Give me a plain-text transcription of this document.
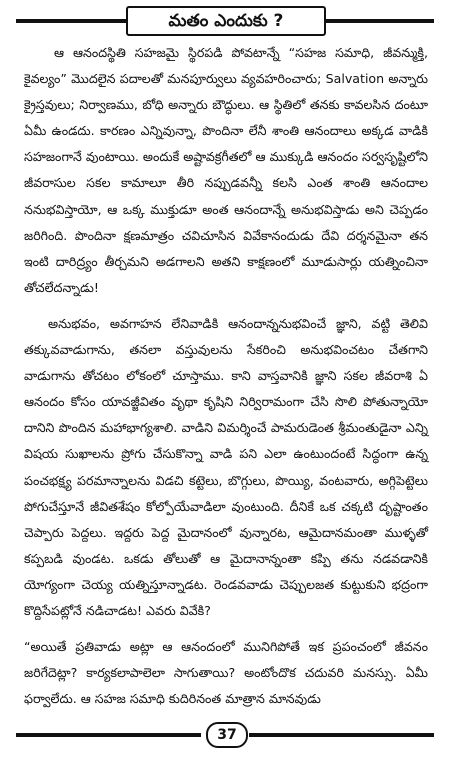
మతం ఎందుకు ?

ఆ ఆనందస్థితి సహజమై స్థిరపడి పోవటాన్నే “సహజ సమాధి, జీవన్ముక్తి, కైవల్యం” మొదలైన పదాలతో మనపూర్వులు వ్యవహరించారు; Salvation అన్నారు క్రైస్తవులు; నిర్వాణము, బోధి అన్నారు బౌద్ధులు. ఆ స్థితిలో తనకు కావలసిన దంటూ ఏమీ ఉండదు. కారణం ఎన్నివున్నా, పొందినా లేనీ శాంతి ఆనందాలు అక్కడ వాడికి సహజంగానే వుంటాయి. అందుకే అష్టావక్రగీతలో ఆ ముక్కుడి ఆనందం సర్వసృష్టిలోని జీవరాసుల సకల కామాలూ తీరి నప్పుడవన్నీ కలసి ఎంత శాంతి ఆనందాల ననుభవిస్తాయో, ఆ ఒక్క ముక్తుడూ అంత ఆనందాన్నే అనుభవిస్తాడు అని చెప్పడం జరిగింది. పొందినా క్షణమాత్రం చవిచూసిన వివేకానందుడు దేవి దర్శనమైనా తన ఇంటి దారిద్ర్యం తీర్చమని అడగాలని అతని కాక్షణంలో మూడుసార్లు యత్నించినా తోచలేదన్నాడు!

అనుభవం, అవగాహన లేనివాడికి ఆనందాన్ననుభవించే జ్ఞాని, వట్టి తెలివి తక్కువవాడుగాను, తనలా వస్తువులను సేకరించి అనుభవించటం చేతగాని వాడుగాను తోచటం లోకంలో చూస్తాము. కాని వాస్తవానికి జ్ఞాని సకల జీవరాశి ఏ ఆనందం కోసం యావజ్జీవితం వృథా కృషిని నిర్విరామంగా చేసి సొలి పోతున్నాయో దానిని పొందిన మహాభాగ్యశాలి. వాడిని విమర్శించే పామరుడెంత శ్రీమంతుడైనా ఎన్ని విషయ సుఖాలను ప్రోగు చేసుకొన్నా వాడి పని ఎలా ఉంటుందంటే సిద్ధంగా ఉన్న పంచభక్ష్య పరమాన్నాలను విడచి కట్టెలు, బొగ్గులు, పొయ్యి, వంటవారు, అగ్గిపెట్టెలు పోగుచేస్తూనే జీవితశేషం కోల్పోయేవాడిలా వుంటుంది. దీనికే ఒక చక్కటి దృష్టాంతం చెప్పారు పెద్దలు. ఇద్దరు పెద్ద మైదానంలో వున్నారట, ఆమైదానమంతా ముళ్ళతో కప్పబడి వుండట. ఒకడు తోలుతో ఆ మైదానాన్నంతా కప్పి తను నడవడానికి యోగ్యంగా చెయ్య యత్నిస్తూన్నాడట. రెండవవాడు చెప్పులజత కుట్టుకుని భద్రంగా కొద్దిసేపట్లోనే నడిచాడట! ఎవరు వివేకి?

“అయితే ప్రతివాడు అట్లా ఆ ఆనందంలో మునిగిపోతే ఇక ప్రపంచంలో జీవనం జరిగేదెట్లా? కార్యకలాపాలెలా సాగుతాయి? అంటోందొక చదువరి మనస్సు. ఏమీ ఫర్వాలేదు. ఆ సహజ సమాధి కుదిరినంత మాత్రాన మానవుడు

37
